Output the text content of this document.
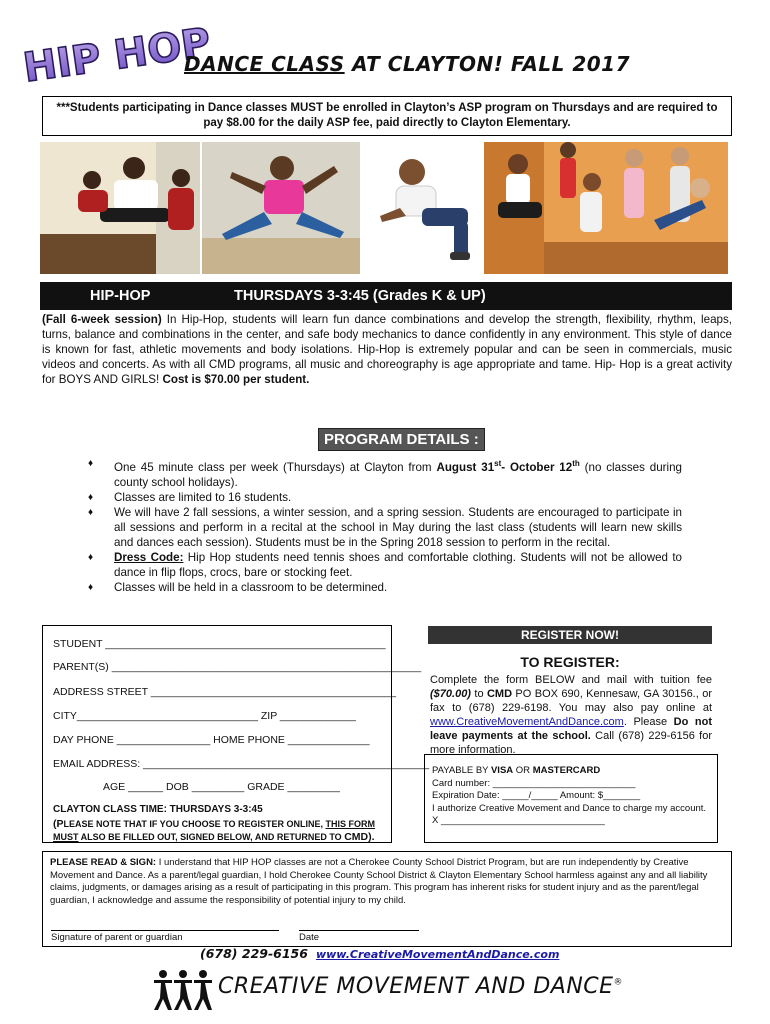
HIP HOP
DANCE CLASS AT CLAYTON! FALL 2017
***Students participating in Dance classes MUST be enrolled in Clayton’s ASP program on Thursdays and are required to pay $8.00 for the daily ASP fee, paid directly to Clayton Elementary.
HIP-HOP	THURSDAYS 3-3:45 (Grades K & UP)
(Fall 6-week session) In Hip-Hop, students will learn fun dance combinations and develop the strength, flexibility, rhythm, leaps, turns, balance and combinations in the center, and safe body mechanics to dance confidently in any environment. This style of dance is known for fast, athletic movements and body isolations. Hip-Hop is extremely popular and can be seen in commercials, music videos and concerts. As with all CMD programs, all music and choreography is age appropriate and tame. Hip- Hop is a great activity for BOYS AND GIRLS! Cost is $70.00 per student.
PROGRAM DETAILS :
♦ One 45 minute class per week (Thursdays) at Clayton from August 31st- October 12th (no classes during county school holidays).
♦ Classes are limited to 16 students.
♦ We will have 2 fall sessions, a winter session, and a spring session. Students are encouraged to participate in all sessions and perform in a recital at the school in May during the last class (students will learn new skills and dances each session). Students must be in the Spring 2018 session to perform in the recital.
♦ Dress Code: Hip Hop students need tennis shoes and comfortable clothing. Students will not be allowed to dance in flip flops, crocs, bare or stocking feet.
♦ Classes will be held in a classroom to be determined.
STUDENT ________________________________________________
PARENT(S) _____________________________________________________
ADDRESS STREET __________________________________________
CITY_______________________________ ZIP _____________
DAY PHONE ________________ HOME PHONE ______________
EMAIL ADDRESS: _________________________________________________
AGE ______ DOB _________ GRADE _________
CLAYTON CLASS TIME: THURSDAYS 3-3:45
(PLEASE NOTE THAT IF YOU CHOOSE TO REGISTER ONLINE, THIS FORM MUST ALSO BE FILLED OUT, SIGNED BELOW, AND RETURNED TO CMD).
REGISTER NOW!
TO REGISTER:
Complete the form BELOW and mail with tuition fee ($70.00) to CMD PO BOX 690, Kennesaw, GA 30156., or fax to (678) 229-6198. You may also pay online at www.CreativeMovementAndDance.com. Please Do not leave payments at the school. Call (678) 229-6156 for more information.
PAYABLE BY VISA OR MASTERCARD
Card number: ___________________________
Expiration Date: _____/_____ Amount: $_______
I authorize Creative Movement and Dance to charge my account. X _______________________________
PLEASE READ & SIGN: I understand that HIP HOP classes are not a Cherokee County School District Program, but are run independently by Creative Movement and Dance. As a parent/legal guardian, I hold Cherokee County School District & Clayton Elementary School harmless against any and all liability claims, judgments, or damages arising as a result of participating in this program. This program has inherent risks for student injury and as the parent/legal guardian, I acknowledge and assume the responsibility of potential injury to my child.
Signature of parent or guardian	Date
(678) 229-6156 www.CreativeMovementAndDance.com
CREATIVE MOVEMENT AND DANCE®
